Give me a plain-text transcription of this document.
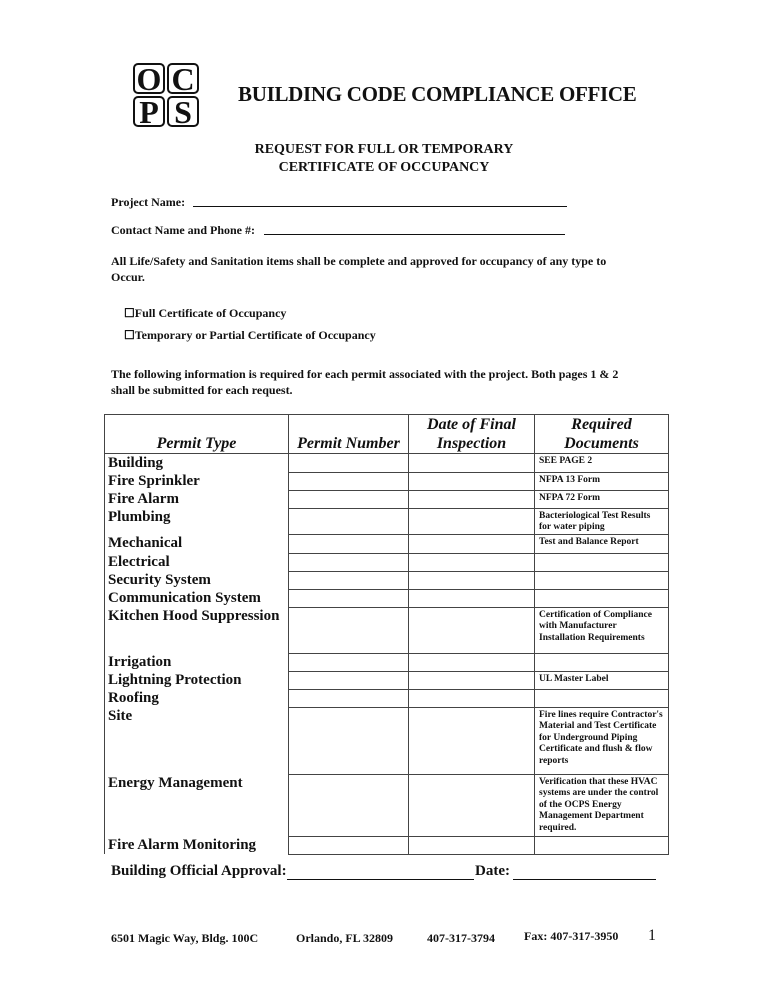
O C
P S	BUILDING CODE COMPLIANCE OFFICE
REQUEST FOR FULL OR TEMPORARY
CERTIFICATE OF OCCUPANCY
Project Name:
Contact Name and Phone #:
All Life/Safety and Sanitation items shall be complete and approved for occupancy of any type to Occur.
☐Full Certificate of Occupancy
☐Temporary or Partial Certificate of Occupancy
The following information is required for each permit associated with the project. Both pages 1 & 2 shall be submitted for each request.
Permit Type	Permit Number	Date of Final Inspection	Required Documents
Building			SEE PAGE 2
Fire Sprinkler			NFPA 13 Form
Fire Alarm			NFPA 72 Form
Plumbing			Bacteriological Test Results for water piping
Mechanical			Test and Balance Report
Electrical			
Security System			
Communication System			
Kitchen Hood Suppression			Certification of Compliance with Manufacturer Installation Requirements
Irrigation			
Lightning Protection			UL Master Label
Roofing			
Site			Fire lines require Contractor's Material and Test Certificate for Underground Piping Certificate and flush & flow reports
Energy Management			Verification that these HVAC systems are under the control of the OCPS Energy Management Department required.
Fire Alarm Monitoring			
Building Official Approval:	Date:
6501 Magic Way, Bldg. 100C	Orlando, FL 32809	407-317-3794 Fax: 407-317-3950 1
